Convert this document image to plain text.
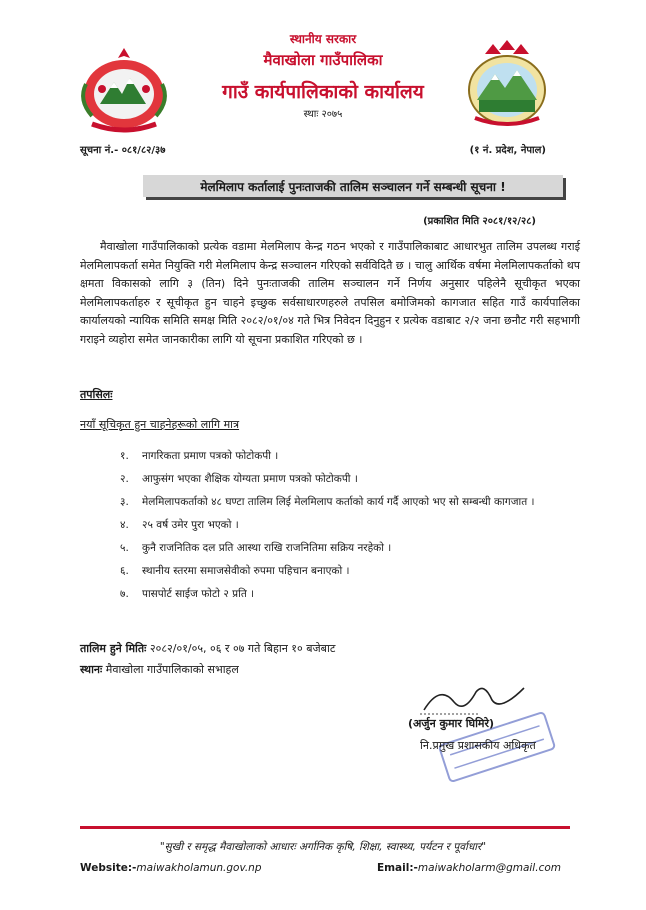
स्थानीय सरकार
मैवाखोला गाउँपालिका
गाउँ कार्यपालिकाको कार्यालय
स्थाः २०७५
सूचना नं.- ०८१/८२/३७	(१ नं. प्रदेश, नेपाल)
मेलमिलाप कर्तालाई पुनःताजकी तालिम सञ्चालन गर्ने सम्बन्धी सूचना !
(प्रकाशित मिति २०८१/१२/२८)

मैवाखोला गाउँपालिकाको प्रत्येक वडामा मेलमिलाप केन्द्र गठन भएको र गाउँपालिकाबाट आधारभुत तालिम उपलब्ध गराई मेलमिलापकर्ता समेत नियुक्ति गरी मेलमिलाप केन्द्र सञ्चालन गरिएको सर्वविदितै छ । चालु आर्थिक वर्षमा मेलमिलापकर्ताको थप क्षमता विकासको लागि ३ (तिन) दिने पुनःताजकी तालिम सञ्चालन गर्ने निर्णय अनुसार पहिलेनै सूचीकृत भएका मेलमिलापकर्ताहरु र सूचीकृत हुन चाहने इच्छुक सर्वसाधारणहरुले तपसिल बमोजिमको कागजात सहित गाउँ कार्यपालिका कार्यालयको न्यायिक समिति समक्ष मिति २०८२/०१/०४ गते भित्र निवेदन दिनुहुन र प्रत्येक वडाबाट २/२ जना छनौट गरी सहभागी गराइने व्यहोरा समेत जानकारीका लागि यो सूचना प्रकाशित गरिएको छ ।

तपसिलः
नयाँ सूचिकृत हुन चाहनेहरूको लागि मात्र
१.	नागरिकता प्रमाण पत्रको फोटोकपी ।
२.	आफुसंग भएका शैक्षिक योग्यता प्रमाण पत्रको फोटोकपी ।
३.	मेलमिलापकर्ताको ४८ घण्टा तालिम लिई मेलमिलाप कर्ताको कार्य गर्दै आएको भए सो सम्बन्धी कागजात ।
४.	२५ वर्ष उमेर पुरा भएको ।
५.	कुनै राजनितिक दल प्रति आस्था राखि राजनितिमा सक्रिय नरहेको ।
६.	स्थानीय स्तरमा समाजसेवीको रुपमा पहिचान बनाएको ।
७.	पासपोर्ट साईज फोटो २ प्रति ।
तालिम हुने मितिः २०८२/०१/०५, ०६ र ०७ गते बिहान १० बजेबाट
स्थानः मैवाखोला गाउँपालिकाको सभाहल
(अर्जुन कुमार घिमिरे)
नि.प्रमुख प्रशासकीय अधिकृत
"सुखी र समृद्ध मैवाखोलाको आधारः अर्गानिक कृषि, शिक्षा, स्वास्थ्य, पर्यटन र पूर्वाधार"
Website:-maiwakholamun.gov.np	Email:-maiwakholarm@gmail.com
